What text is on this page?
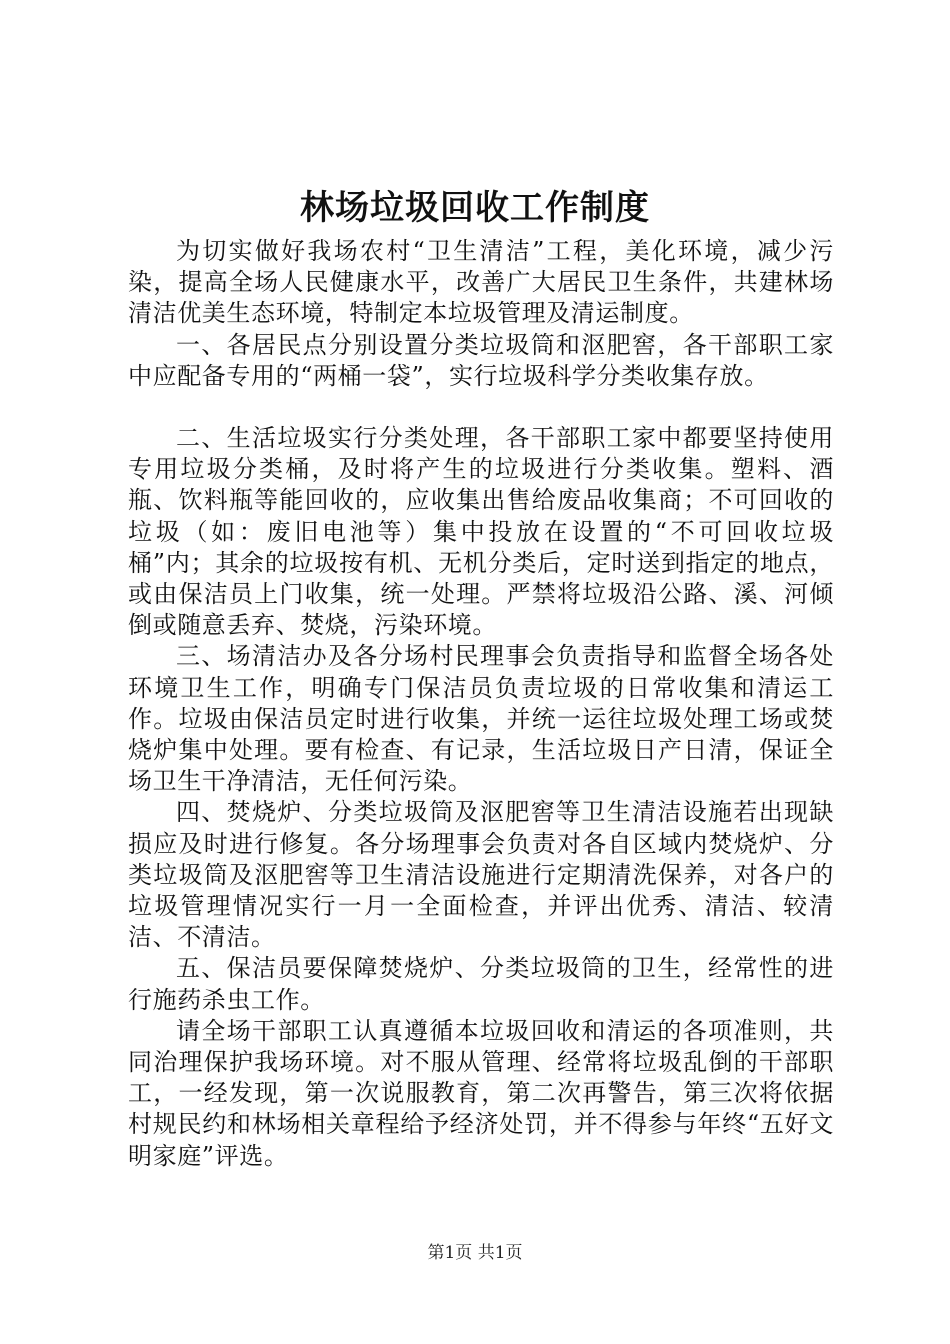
林场垃圾回收工作制度

为切实做好我场农村“卫生清洁”工程，美化环境，减少污染，提高全场人民健康水平，改善广大居民卫生条件，共建林场清洁优美生态环境，特制定本垃圾管理及清运制度。

一、各居民点分别设置分类垃圾筒和沤肥窖，各干部职工家中应配备专用的“两桶一袋”，实行垃圾科学分类收集存放。

二、生活垃圾实行分类处理，各干部职工家中都要坚持使用专用垃圾分类桶，及时将产生的垃圾进行分类收集。塑料、酒瓶、饮料瓶等能回收的，应收集出售给废品收集商；不可回收的垃圾（如：废旧电池等）集中投放在设置的“不可回收垃圾桶”内；其余的垃圾按有机、无机分类后，定时送到指定的地点，或由保洁员上门收集，统一处理。严禁将垃圾沿公路、溪、河倾倒或随意丢弃、焚烧，污染环境。

三、场清洁办及各分场村民理事会负责指导和监督全场各处环境卫生工作，明确专门保洁员负责垃圾的日常收集和清运工作。垃圾由保洁员定时进行收集，并统一运往垃圾处理工场或焚烧炉集中处理。要有检查、有记录，生活垃圾日产日清，保证全场卫生干净清洁，无任何污染。

四、焚烧炉、分类垃圾筒及沤肥窖等卫生清洁设施若出现缺损应及时进行修复。各分场理事会负责对各自区域内焚烧炉、分类垃圾筒及沤肥窖等卫生清洁设施进行定期清洗保养，对各户的垃圾管理情况实行一月一全面检查，并评出优秀、清洁、较清洁、不清洁。

五、保洁员要保障焚烧炉、分类垃圾筒的卫生，经常性的进行施药杀虫工作。

请全场干部职工认真遵循本垃圾回收和清运的各项准则，共同治理保护我场环境。对不服从管理、经常将垃圾乱倒的干部职工，一经发现，第一次说服教育，第二次再警告，第三次将依据村规民约和林场相关章程给予经济处罚，并不得参与年终“五好文明家庭”评选。

第1页 共1页
